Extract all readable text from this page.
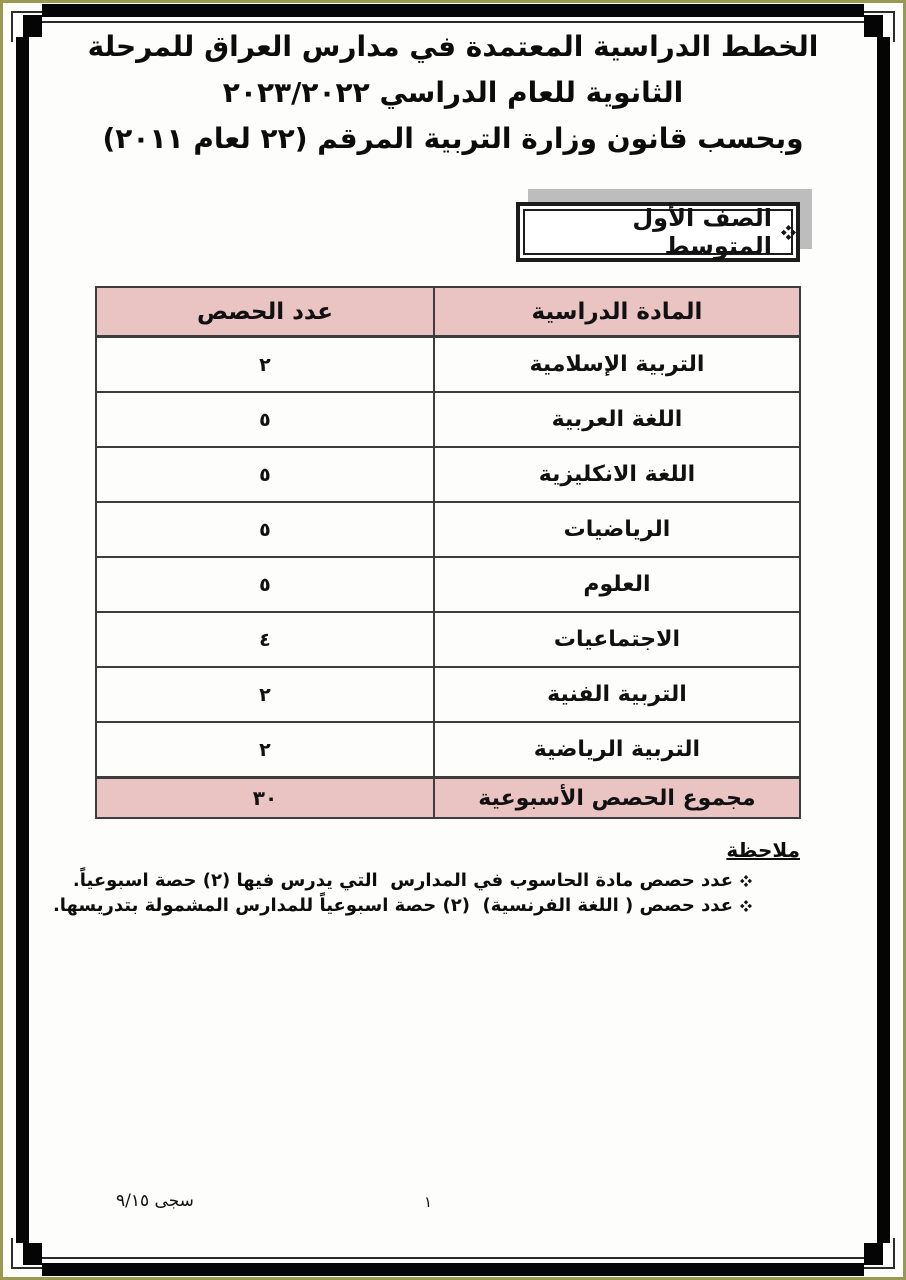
الخطط الدراسية المعتمدة في مدارس العراق للمرحلة
الثانوية للعام الدراسي ٢٠٢٣/٢٠٢٢
وبحسب قانون وزارة التربية المرقم (٢٢ لعام ٢٠١١)
الصف الأول المتوسط
المادة الدراسية	عدد الحصص
التربية الإسلامية	٢
اللغة العربية	٥
اللغة الانكليزية	٥
الرياضيات	٥
العلوم	٥
الاجتماعيات	٤
التربية الفنية	٢
التربية الرياضية	٢
مجموع الحصص الأسبوعية	٣٠
ملاحظة
عدد حصص مادة الحاسوب في المدارس  التي يدرس فيها (٢) حصة اسبوعياً.
عدد حصص ( اللغة الفرنسية)  (٢) حصة اسبوعياً للمدارس المشمولة بتدريسها.
١
سجى ٩/١٥
